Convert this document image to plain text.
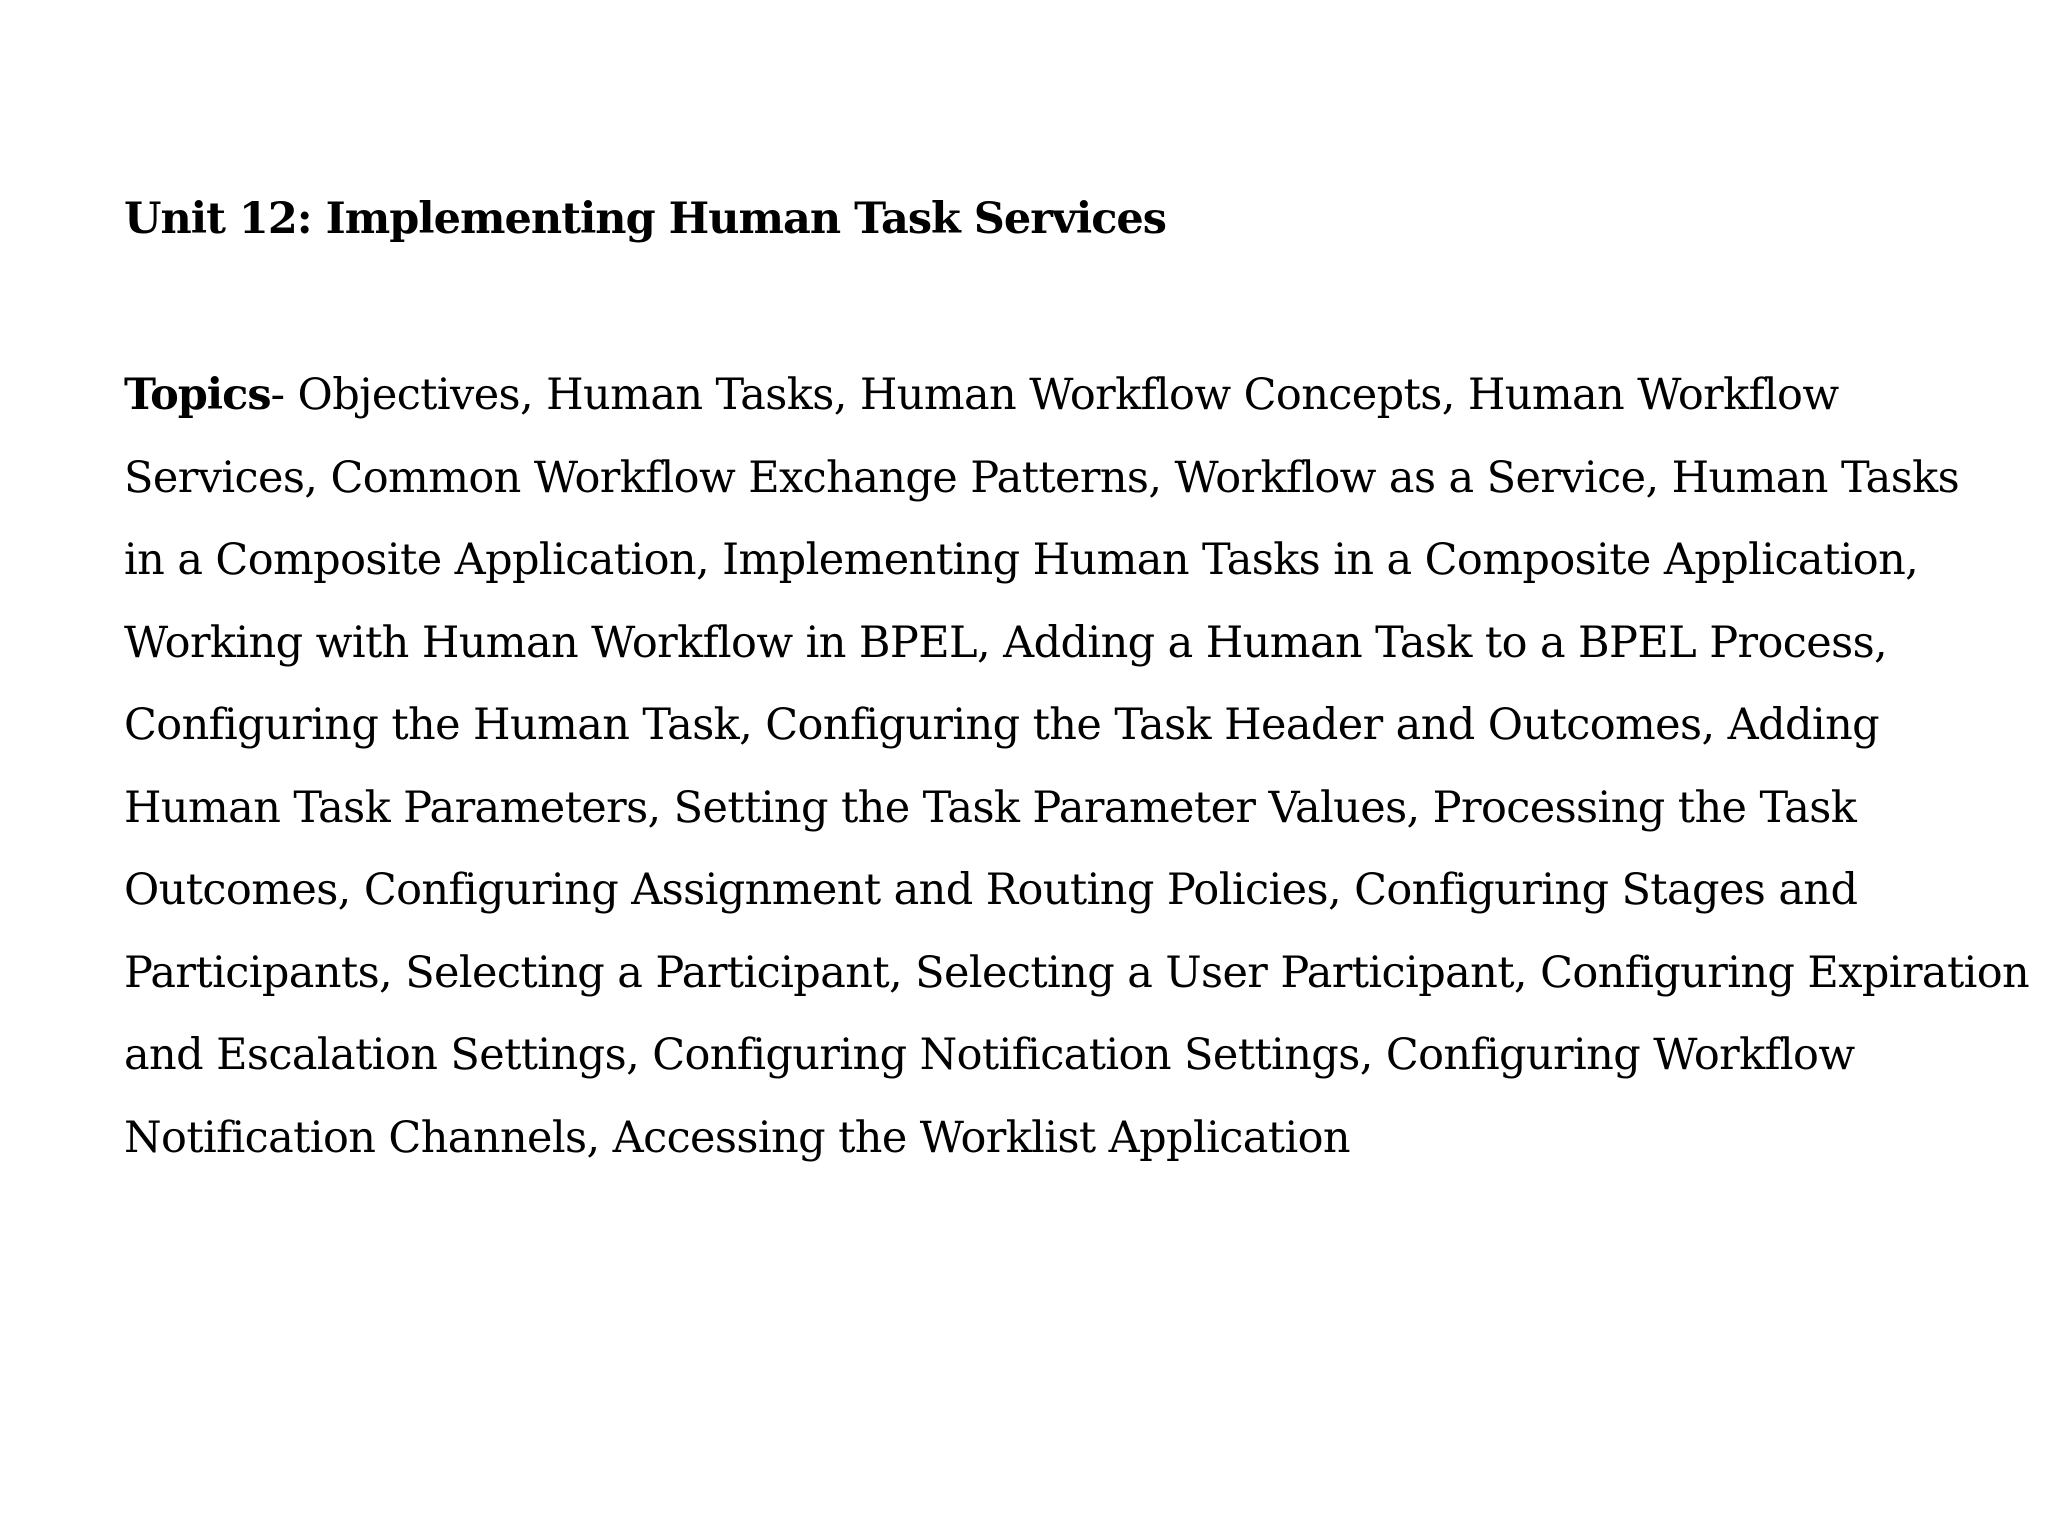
Unit 12: Implementing Human Task Services

Topics- Objectives, Human Tasks, Human Workflow Concepts, Human Workflow
Services, Common Workflow Exchange Patterns, Workflow as a Service, Human Tasks
in a Composite Application, Implementing Human Tasks in a Composite Application,
Working with Human Workflow in BPEL, Adding a Human Task to a BPEL Process,
Configuring the Human Task, Configuring the Task Header and Outcomes, Adding
Human Task Parameters, Setting the Task Parameter Values, Processing the Task
Outcomes, Configuring Assignment and Routing Policies, Configuring Stages and
Participants, Selecting a Participant, Selecting a User Participant, Configuring Expiration
and Escalation Settings, Configuring Notification Settings, Configuring Workflow
Notification Channels, Accessing the Worklist Application
